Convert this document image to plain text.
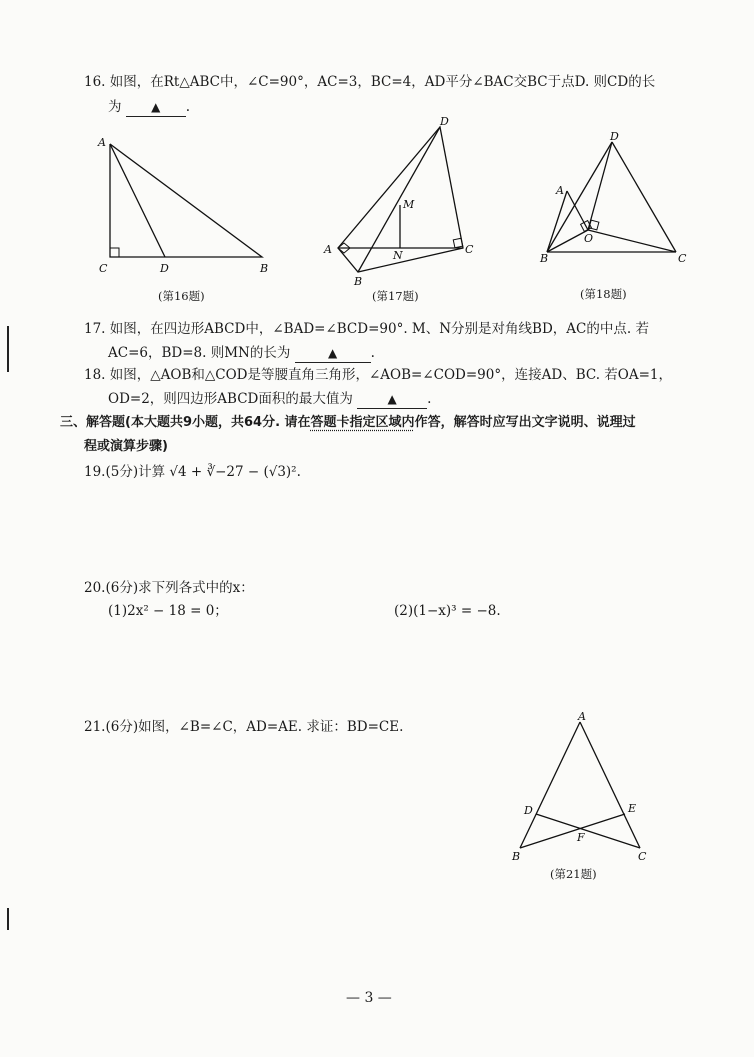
16. 如图，在Rt△ABC中，∠C=90°，AC=3，BC=4，AD平分∠BAC交BC于点D. 则CD的长
为 ▲ .
A
C	D	B
(第16题)
D
M
A	N	C
B
(第17题)
D
A
O
B	C
(第18题)
17. 如图，在四边形ABCD中，∠BAD=∠BCD=90°. M、N分别是对角线BD，AC的中点. 若
AC=6，BD=8. 则MN的长为	▲ .
18. 如图，△AOB和△COD是等腰直角三角形，∠AOB=∠COD=90°，连接AD、BC. 若OA=1，
OD=2，则四边形ABCD面积的最大值为	▲ .
三、解答题(本大题共9小题，共64分. 请在答题卡指定区域内作答，解答时应写出文字说明、说理过
程或演算步骤)
19.(5分)计算 √4 + ∛−27 − (√3)².
20.(6分)求下列各式中的x：
(1)2x² − 18 = 0；	(2)(1−x)³ = −8.
21.(6分)如图，∠B=∠C，AD=AE. 求证：BD=CE.
A
D	E
F
B	C
(第21题)
— 3 —
